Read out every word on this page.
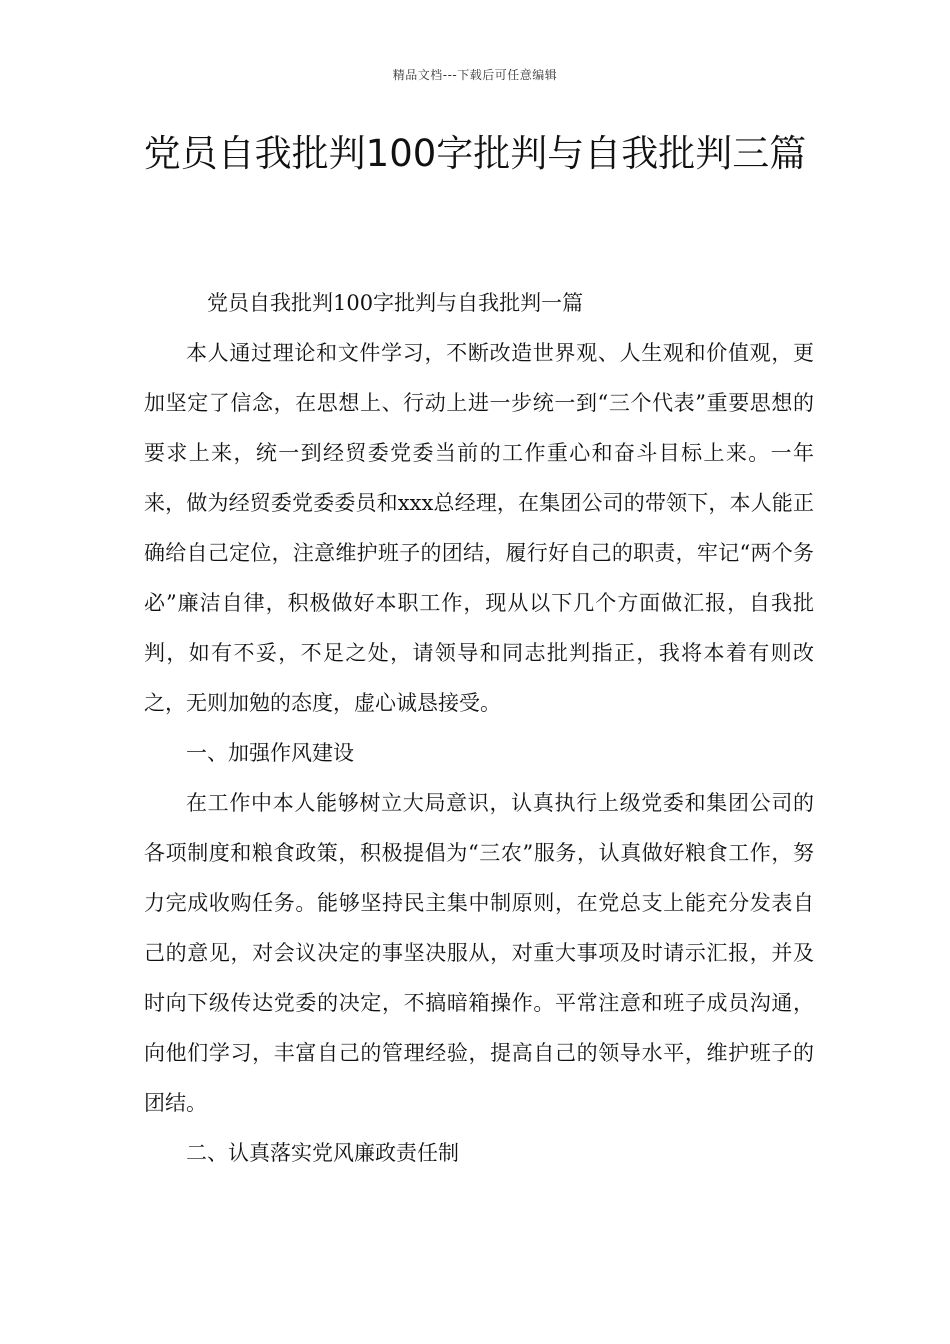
精品文档---下载后可任意编辑
党员自我批判100字批判与自我批判三篇

党员自我批判100字批判与自我批判一篇

本人通过理论和文件学习，不断改造世界观、人生观和价值观，更加坚定了信念，在思想上、行动上进一步统一到“三个代表”重要思想的要求上来，统一到经贸委党委当前的工作重心和奋斗目标上来。一年来，做为经贸委党委委员和xxx总经理，在集团公司的带领下，本人能正确给自己定位，注意维护班子的团结，履行好自己的职责，牢记“两个务必”廉洁自律，积极做好本职工作，现从以下几个方面做汇报，自我批判，如有不妥，不足之处，请领导和同志批判指正，我将本着有则改之，无则加勉的态度，虚心诚恳接受。

一、加强作风建设

在工作中本人能够树立大局意识，认真执行上级党委和集团公司的各项制度和粮食政策，积极提倡为“三农”服务，认真做好粮食工作，努力完成收购任务。能够坚持民主集中制原则，在党总支上能充分发表自己的意见，对会议决定的事坚决服从，对重大事项及时请示汇报，并及时向下级传达党委的决定，不搞暗箱操作。平常注意和班子成员沟通，向他们学习，丰富自己的管理经验，提高自己的领导水平，维护班子的团结。

二、认真落实党风廉政责任制
